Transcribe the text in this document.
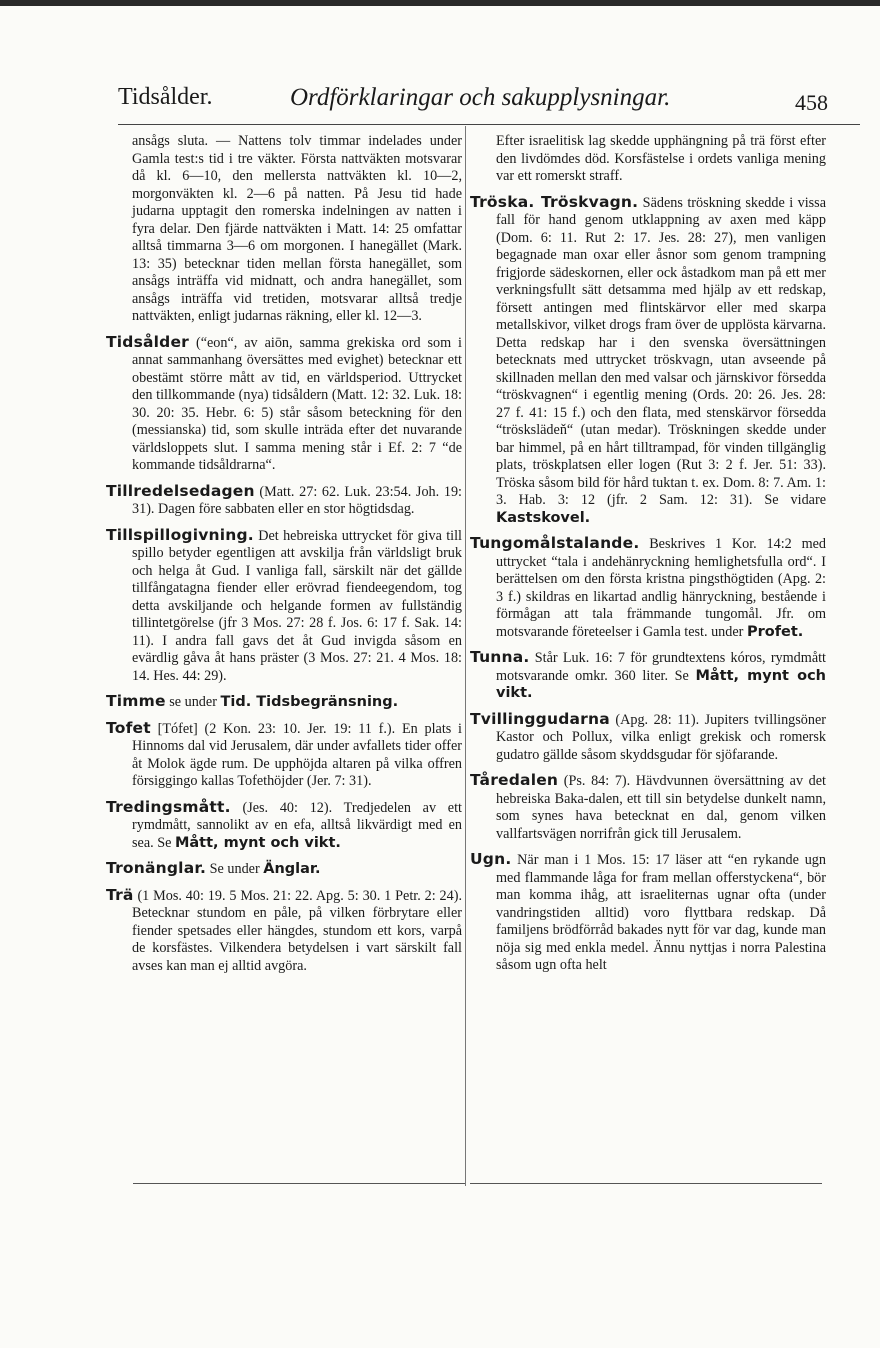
Tidsålder.	Ordförklaringar och sakupplysningar.	458

ansågs sluta. — Nattens tolv timmar indelades under Gamla test:s tid i tre väkter. Första nattväkten motsvarar då kl. 6—10, den mellersta nattväkten kl. 10—2, morgonväkten kl. 2—6 på natten. På Jesu tid hade judarna upptagit den romerska indelningen av natten i fyra delar. Den fjärde nattväkten i Matt. 14: 25 omfattar alltså timmarna 3—6 om morgonen. I hanegället (Mark. 13: 35) betecknar tiden mellan första hanegället, som ansågs inträffa vid midnatt, och andra hanegället, som ansågs inträffa vid tretiden, motsvarar alltså tredje nattväkten, enligt judarnas räkning, eller kl. 12—3.

Tidsålder (“eon“, av aiōn, samma grekiska ord som i annat sammanhang översättes med evighet) betecknar ett obestämt större mått av tid, en världsperiod. Uttrycket den tillkommande (nya) tidsåldern (Matt. 12: 32. Luk. 18: 30. 20: 35. Hebr. 6: 5) står såsom beteckning för den (messianska) tid, som skulle inträda efter det nuvarande världsloppets slut. I samma mening står i Ef. 2: 7 “de kommande tidsåldrarna“.

Tillredelsedagen (Matt. 27: 62. Luk. 23:54. Joh. 19: 31). Dagen före sabbaten eller en stor högtidsdag.

Tillspillogivning. Det hebreiska uttrycket för giva till spillo betyder egentligen att avskilja från världsligt bruk och helga åt Gud. I vanliga fall, särskilt när det gällde tillfångatagna fiender eller erövrad fiendeegendom, tog detta avskiljande och helgande formen av fullständig tillintetgörelse (jfr 3 Mos. 27: 28 f. Jos. 6: 17 f. Sak. 14: 11). I andra fall gavs det åt Gud invigda såsom en evärdlig gåva åt hans präster (3 Mos. 27: 21. 4 Mos. 18: 14. Hes. 44: 29).

Timme se under Tid. Tidsbegränsning.

Tofet [Tófet] (2 Kon. 23: 10. Jer. 19: 11 f.). En plats i Hinnoms dal vid Jerusalem, där under avfallets tider offer åt Molok ägde rum. De upphöjda altaren på vilka offren försiggingo kallas Tofethöjder (Jer. 7: 31).

Tredingsmått. (Jes. 40: 12). Tredjedelen av ett rymdmått, sannolikt av en efa, alltså likvärdigt med en sea. Se Mått, mynt och vikt.

Tronänglar. Se under Änglar.

Trä (1 Mos. 40: 19. 5 Mos. 21: 22. Apg. 5: 30. 1 Petr. 2: 24). Betecknar stundom en påle, på vilken förbrytare eller fiender spetsades eller hängdes, stundom ett kors, varpå de korsfästes. Vilkendera betydelsen i vart särskilt fall avses kan man ej alltid avgöra.

Efter israelitisk lag skedde upphängning på trä först efter den livdömdes död. Korsfästelse i ordets vanliga mening var ett romerskt straff.

Tröska. Tröskvagn. Sädens tröskning skedde i vissa fall för hand genom utklappning av axen med käpp (Dom. 6: 11. Rut 2: 17. Jes. 28: 27), men vanligen begagnade man oxar eller åsnor som genom trampning frigjorde sädeskornen, eller ock åstadkom man på ett mer verkningsfullt sätt detsamma med hjälp av ett redskap, försett antingen med flintskärvor eller med skarpa metallskivor, vilket drogs fram över de upplösta kärvarna. Detta redskap har i den svenska översättningen betecknats med uttrycket tröskvagn, utan avseende på skillnaden mellan den med valsar och järnskivor försedda “tröskvagnen“ i egentlig mening (Ords. 20: 26. Jes. 28: 27 f. 41: 15 f.) och den flata, med stenskärvor försedda “tröskslädeň“ (utan medar). Tröskningen skedde under bar himmel, på en hårt tilltrampad, för vinden tillgänglig plats, tröskplatsen eller logen (Rut 3: 2 f. Jer. 51: 33). Tröska såsom bild för hård tuktan t. ex. Dom. 8: 7. Am. 1: 3. Hab. 3: 12 (jfr. 2 Sam. 12: 31). Se vidare Kastskovel.

Tungomålstalande. Beskrives 1 Kor. 14:2 med uttrycket “tala i andehänryckning hemlighetsfulla ord“. I berättelsen om den första kristna pingsthögtiden (Apg. 2: 3 f.) skildras en likartad andlig hänryckning, bestående i förmågan att tala främmande tungomål. Jfr. om motsvarande företeelser i Gamla test. under Profet.

Tunna. Står Luk. 16: 7 för grundtextens kóros, rymdmått motsvarande omkr. 360 liter. Se Mått, mynt och vikt.

Tvillinggudarna (Apg. 28: 11). Jupiters tvillingsöner Kastor och Pollux, vilka enligt grekisk och romersk gudatro gällde såsom skyddsgudar för sjöfarande.

Tåredalen (Ps. 84: 7). Hävdvunnen översättning av det hebreiska Baka-dalen, ett till sin betydelse dunkelt namn, som synes hava betecknat en dal, genom vilken vallfartsvägen norrifrån gick till Jerusalem.

Ugn. När man i 1 Mos. 15: 17 läser att “en rykande ugn med flammande låga for fram mellan offerstyckena“, bör man komma ihåg, att israeliternas ugnar ofta (under vandringstiden alltid) voro flyttbara redskap. Då familjens brödförråd bakades nytt för var dag, kunde man nöja sig med enkla medel. Ännu nyttjas i norra Palestina såsom ugn ofta helt
